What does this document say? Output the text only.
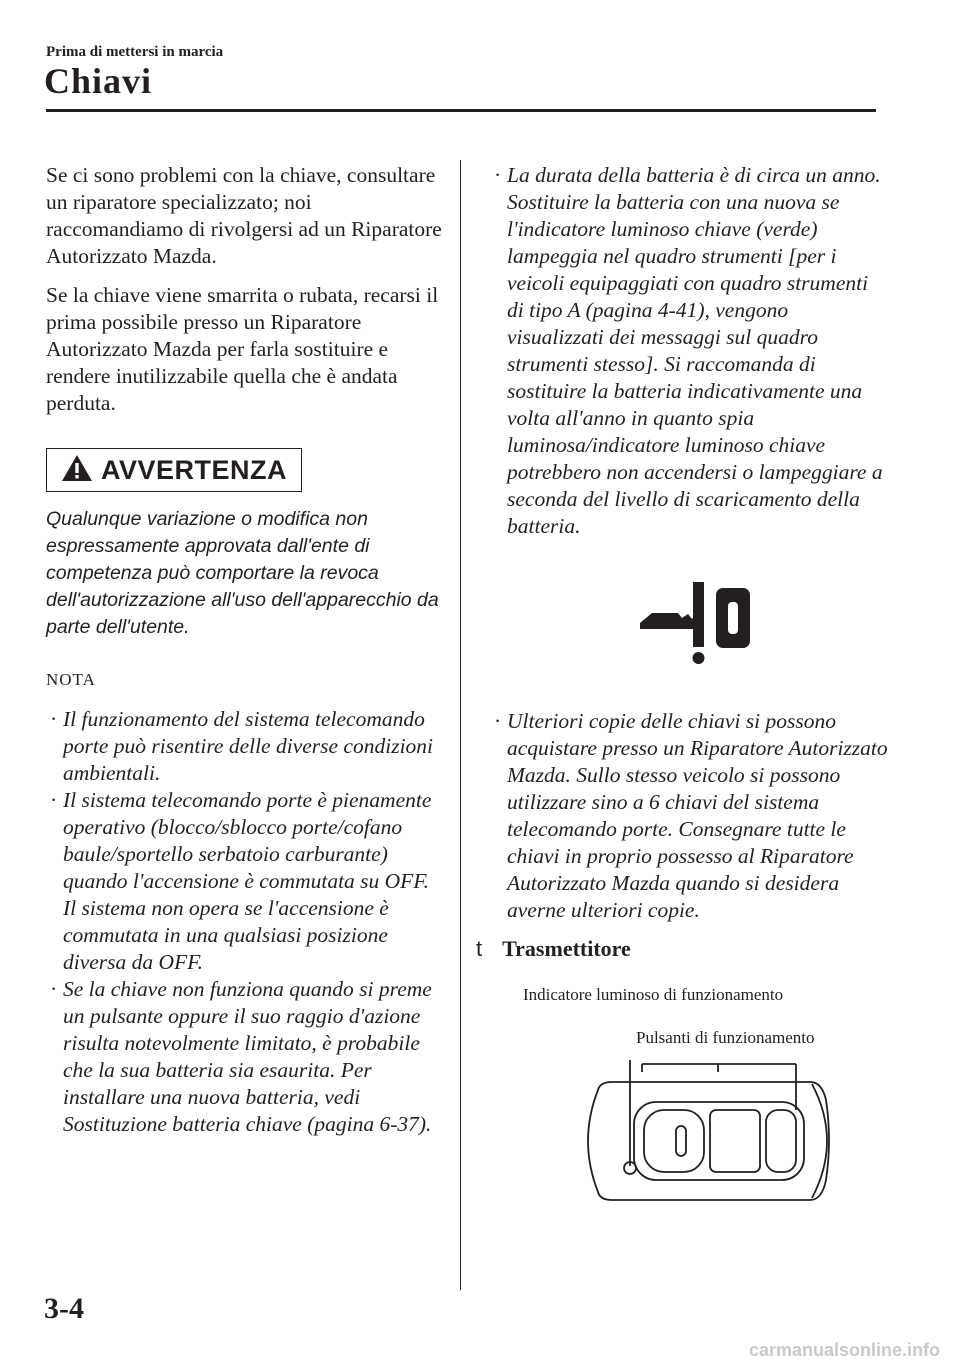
Prima di mettersi in marcia
Chiavi

Se ci sono problemi con la chiave, consultare un riparatore specializzato; noi raccomandiamo di rivolgersi ad un Riparatore Autorizzato Mazda.

Se la chiave viene smarrita o rubata, recarsi il prima possibile presso un Riparatore Autorizzato Mazda per farla sostituire e rendere inutilizzabile quella che è andata perduta.

AVVERTENZA
Qualunque variazione o modifica non espressamente approvata dall'ente di competenza può comportare la revoca dell'autorizzazione all'uso dell'apparecchio da parte dell'utente.
NOTA
· Il funzionamento del sistema telecomando porte può risentire delle diverse condizioni ambientali.
· Il sistema telecomando porte è pienamente operativo (blocco/sblocco porte/cofano baule/sportello serbatoio carburante) quando l'accensione è commutata su OFF. Il sistema non opera se l'accensione è commutata in una qualsiasi posizione diversa da OFF.
· Se la chiave non funziona quando si preme un pulsante oppure il suo raggio d'azione risulta notevolmente limitato, è probabile che la sua batteria sia esaurita. Per installare una nuova batteria, vedi Sostituzione batteria chiave (pagina 6-37).
· La durata della batteria è di circa un anno. Sostituire la batteria con una nuova se l'indicatore luminoso chiave (verde) lampeggia nel quadro strumenti [per i veicoli equipaggiati con quadro strumenti di tipo A (pagina 4-41), vengono visualizzati dei messaggi sul quadro strumenti stesso]. Si raccomanda di sostituire la batteria indicativamente una volta all'anno in quanto spia luminosa/indicatore luminoso chiave potrebbero non accendersi o lampeggiare a seconda del livello di scaricamento della batteria.
· Ulteriori copie delle chiavi si possono acquistare presso un Riparatore Autorizzato Mazda. Sullo stesso veicolo si possono utilizzare sino a 6 chiavi del sistema telecomando porte. Consegnare tutte le chiavi in proprio possesso al Riparatore Autorizzato Mazda quando si desidera averne ulteriori copie.
t Trasmettitore
Indicatore luminoso di funzionamento
Pulsanti di funzionamento
3-4
carmanualsonline.info
